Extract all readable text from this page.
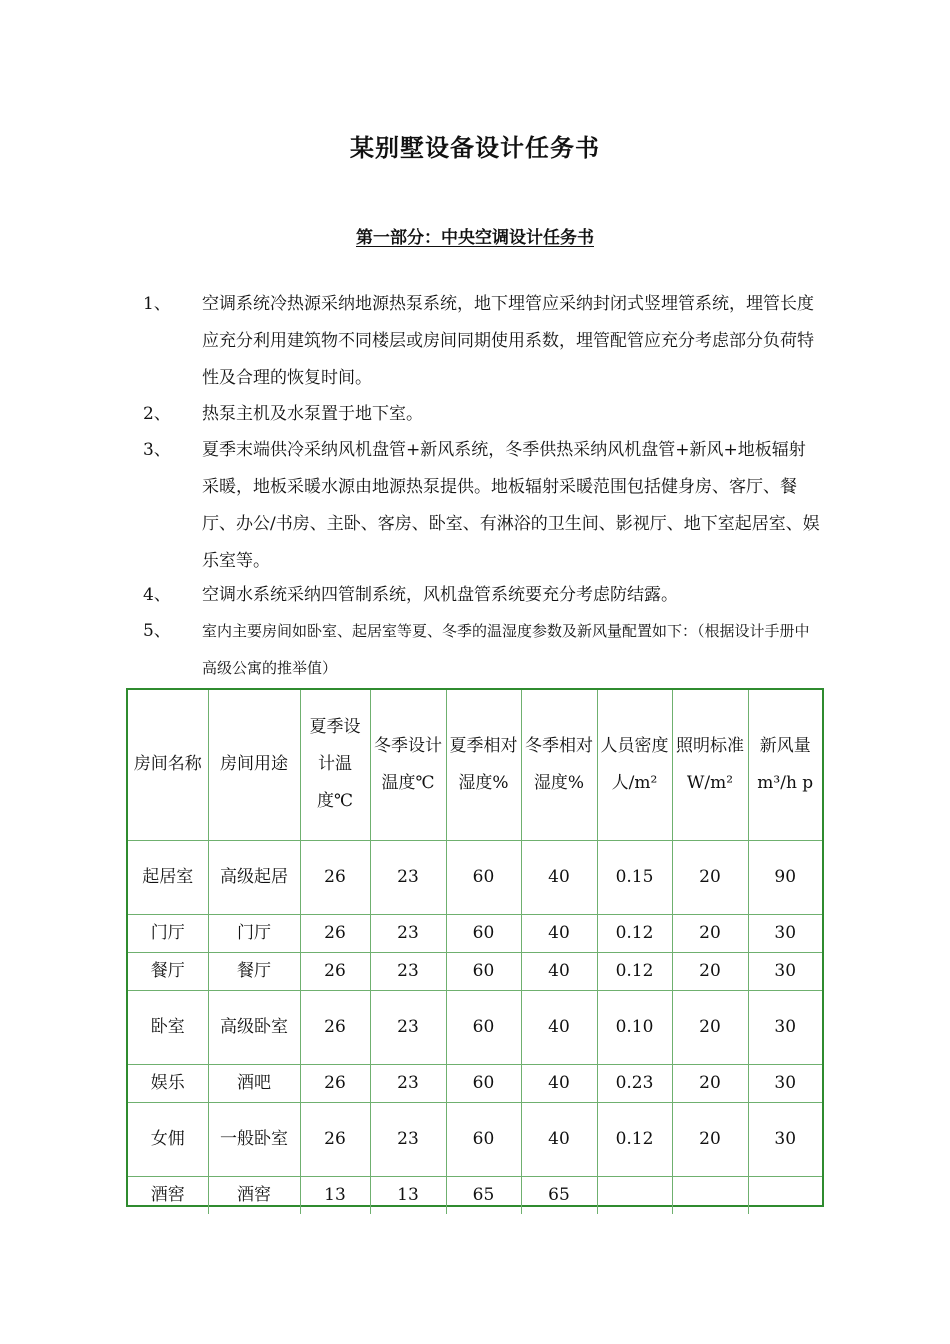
某别墅设备设计任务书
第一部分：中央空调设计任务书
1、 空调系统冷热源采纳地源热泵系统，地下埋管应采纳封闭式竖埋管系统，埋管长度应充分利用建筑物不同楼层或房间同期使用系数，埋管配管应充分考虑部分负荷特性及合理的恢复时间。
2、 热泵主机及水泵置于地下室。
3、 夏季末端供冷采纳风机盘管+新风系统，冬季供热采纳风机盘管+新风+地板辐射采暖，地板采暖水源由地源热泵提供。地板辐射采暖范围包括健身房、客厅、餐厅、办公/书房、主卧、客房、卧室、有淋浴的卫生间、影视厅、地下室起居室、娱乐室等。
4、 空调水系统采纳四管制系统，风机盘管系统要充分考虑防结露。
5、 室内主要房间如卧室、起居室等夏、冬季的温湿度参数及新风量配置如下：（根据设计手册中高级公寓的推举值）
房间名称	房间用途	夏季设计温度℃	冬季设计温度℃	夏季相对湿度%	冬季相对湿度%	人员密度人/m²	照明标准W/m²	新风量m³/h p
起居室	高级起居	26	23	60	40	0.15	20	90
门厅	门厅	26	23	60	40	0.12	20	30
餐厅	餐厅	26	23	60	40	0.12	20	30
卧室	高级卧室	26	23	60	40	0.10	20	30
娱乐	酒吧	26	23	60	40	0.23	20	30
女佣	一般卧室	26	23	60	40	0.12	20	30
酒窖	酒窖	13	13	65	65			
